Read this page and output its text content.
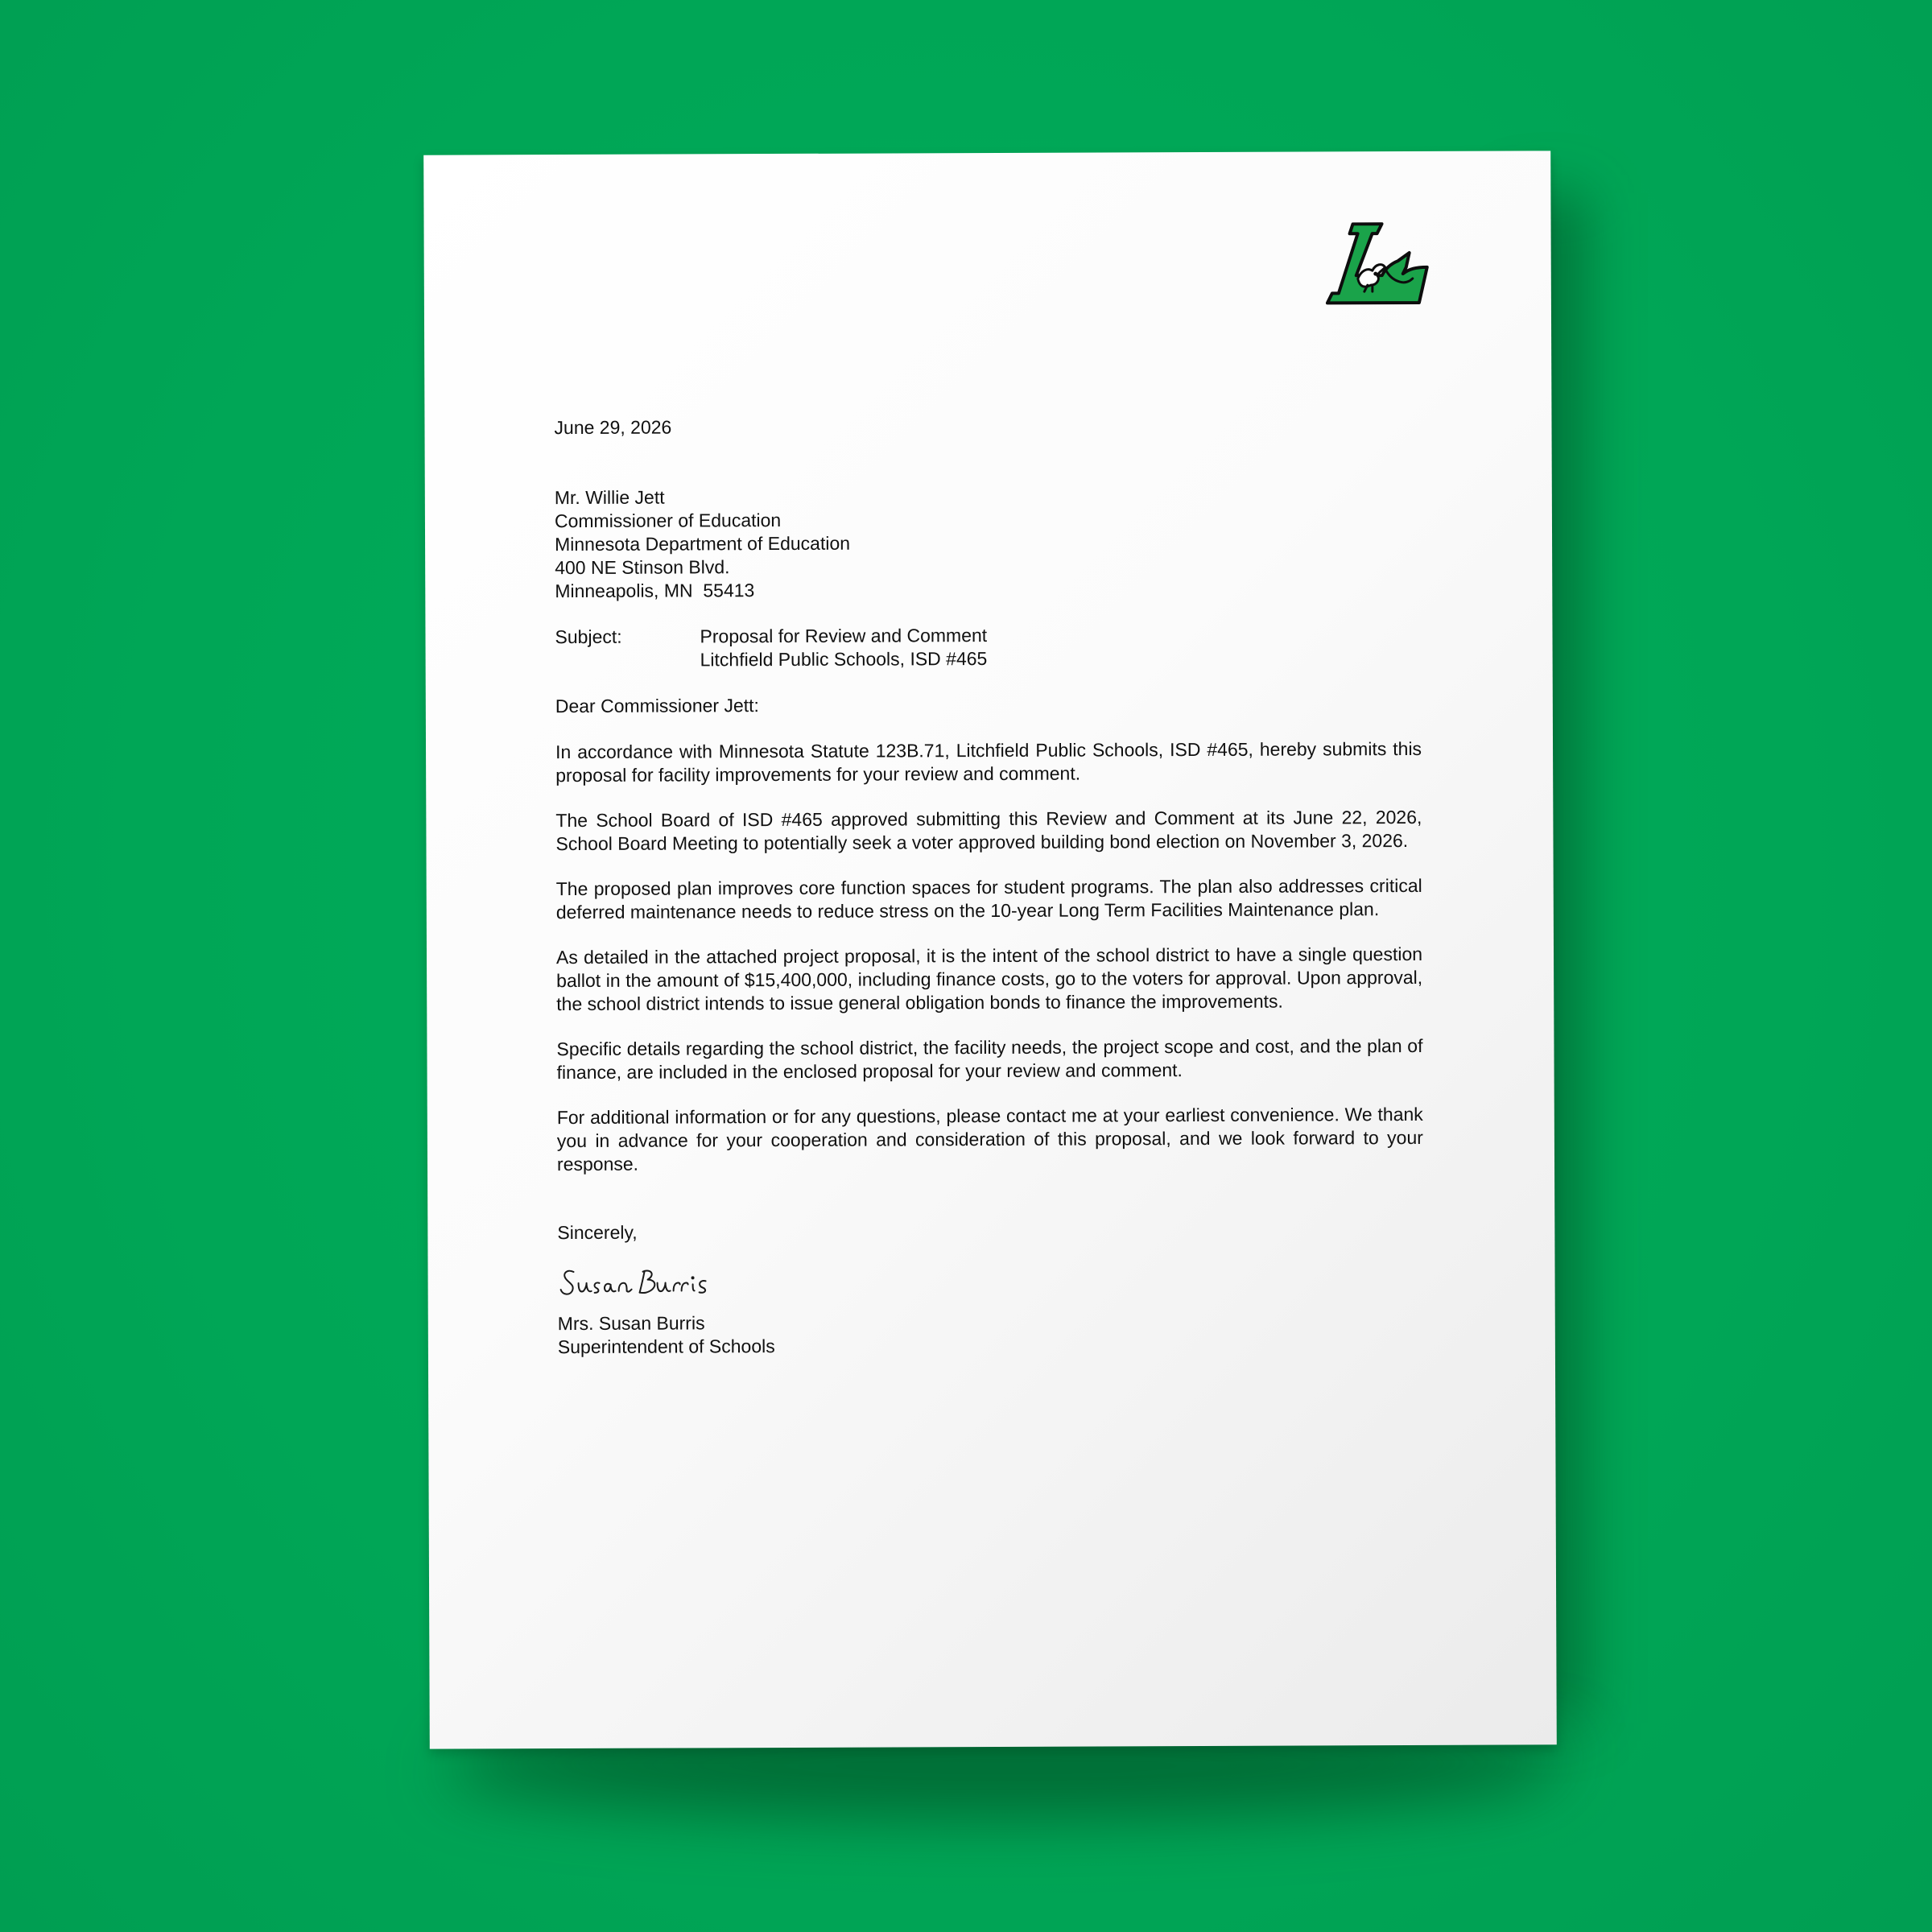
June 29, 2026

Mr. Willie Jett
Commissioner of Education
Minnesota Department of Education
400 NE Stinson Blvd.
Minneapolis, MN  55413
Subject:	Proposal for Review and Comment
Litchfield Public Schools, ISD #465

Dear Commissioner Jett:

In accordance with Minnesota Statute 123B.71, Litchfield Public Schools, ISD #465, hereby submits this proposal for facility improvements for your review and comment.

The School Board of ISD #465 approved submitting this Review and Comment at its June 22, 2026, School Board Meeting to potentially seek a voter approved building bond election on November 3, 2026.

The proposed plan improves core function spaces for student programs. The plan also addresses critical deferred maintenance needs to reduce stress on the 10-year Long Term Facilities Maintenance plan.

As detailed in the attached project proposal, it is the intent of the school district to have a single question ballot in the amount of $15,400,000, including finance costs, go to the voters for approval. Upon approval, the school district intends to issue general obligation bonds to finance the improvements.

Specific details regarding the school district, the facility needs, the project scope and cost, and the plan of finance, are included in the enclosed proposal for your review and comment.

For additional information or for any questions, please contact me at your earliest convenience. We thank you in advance for your cooperation and consideration of this proposal, and we look forward to your response.

Sincerely,

Mrs. Susan Burris
Superintendent of Schools
